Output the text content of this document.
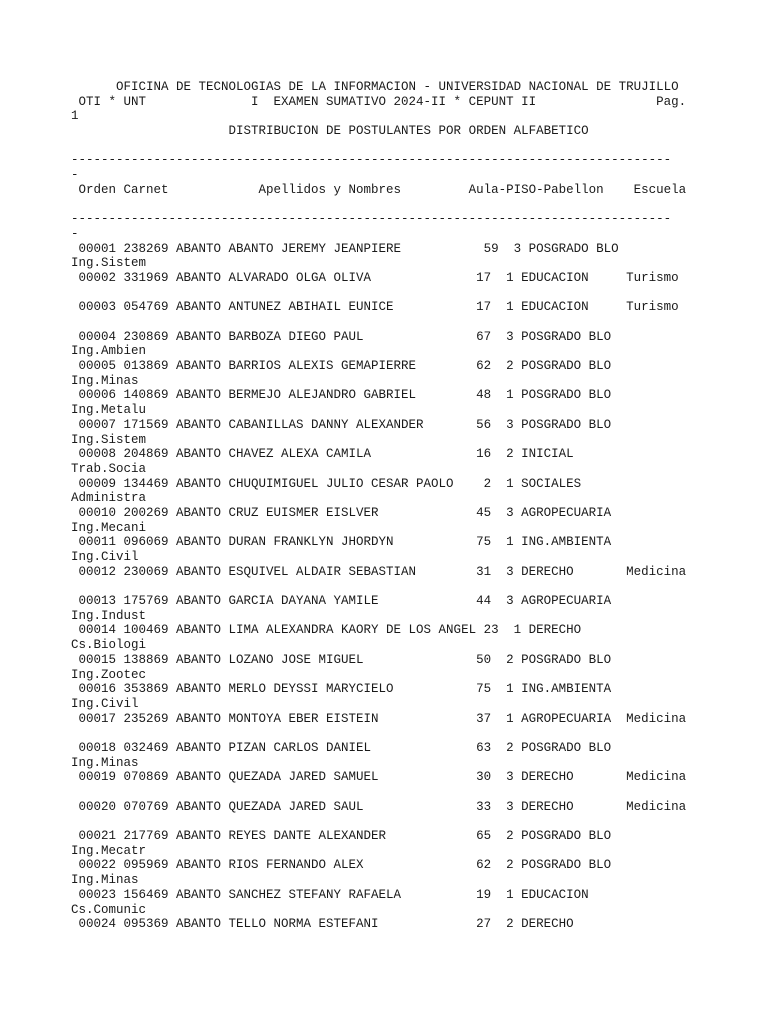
OFICINA DE TECNOLOGIAS DE LA INFORMACION - UNIVERSIDAD NACIONAL DE TRUJILLO
OTI * UNT              I  EXAMEN SUMATIVO 2024-II * CEPUNT II                Pag.
1
DISTRIBUCION DE POSTULANTES POR ORDEN ALFABETICO
--------------------------------------------------------------------------------
-
Orden Carnet            Apellidos y Nombres         Aula-PISO-Pabellon    Escuela
--------------------------------------------------------------------------------
-
00001 238269 ABANTO ABANTO JEREMY JEANPIERE           59  3 POSGRADO BLO
Ing.Sistem
00002 331969 ABANTO ALVARADO OLGA OLIVA              17  1 EDUCACION     Turismo
00003 054769 ABANTO ANTUNEZ ABIHAIL EUNICE           17  1 EDUCACION     Turismo
00004 230869 ABANTO BARBOZA DIEGO PAUL               67  3 POSGRADO BLO
Ing.Ambien
00005 013869 ABANTO BARRIOS ALEXIS GEMAPIERRE        62  2 POSGRADO BLO
Ing.Minas
00006 140869 ABANTO BERMEJO ALEJANDRO GABRIEL        48  1 POSGRADO BLO
Ing.Metalu
00007 171569 ABANTO CABANILLAS DANNY ALEXANDER       56  3 POSGRADO BLO
Ing.Sistem
00008 204869 ABANTO CHAVEZ ALEXA CAMILA              16  2 INICIAL
Trab.Socia
00009 134469 ABANTO CHUQUIMIGUEL JULIO CESAR PAOLO    2  1 SOCIALES
Administra
00010 200269 ABANTO CRUZ EUISMER EISLVER             45  3 AGROPECUARIA
Ing.Mecani
00011 096069 ABANTO DURAN FRANKLYN JHORDYN           75  1 ING.AMBIENTA
Ing.Civil
00012 230069 ABANTO ESQUIVEL ALDAIR SEBASTIAN        31  3 DERECHO       Medicina
00013 175769 ABANTO GARCIA DAYANA YAMILE             44  3 AGROPECUARIA
Ing.Indust
00014 100469 ABANTO LIMA ALEXANDRA KAORY DE LOS ANGEL 23  1 DERECHO
Cs.Biologi
00015 138869 ABANTO LOZANO JOSE MIGUEL               50  2 POSGRADO BLO
Ing.Zootec
00016 353869 ABANTO MERLO DEYSSI MARYCIELO           75  1 ING.AMBIENTA
Ing.Civil
00017 235269 ABANTO MONTOYA EBER EISTEIN             37  1 AGROPECUARIA  Medicina
00018 032469 ABANTO PIZAN CARLOS DANIEL              63  2 POSGRADO BLO
Ing.Minas
00019 070869 ABANTO QUEZADA JARED SAMUEL             30  3 DERECHO       Medicina
00020 070769 ABANTO QUEZADA JARED SAUL               33  3 DERECHO       Medicina
00021 217769 ABANTO REYES DANTE ALEXANDER            65  2 POSGRADO BLO
Ing.Mecatr
00022 095969 ABANTO RIOS FERNANDO ALEX               62  2 POSGRADO BLO
Ing.Minas
00023 156469 ABANTO SANCHEZ STEFANY RAFAELA          19  1 EDUCACION
Cs.Comunic
00024 095369 ABANTO TELLO NORMA ESTEFANI             27  2 DERECHO
